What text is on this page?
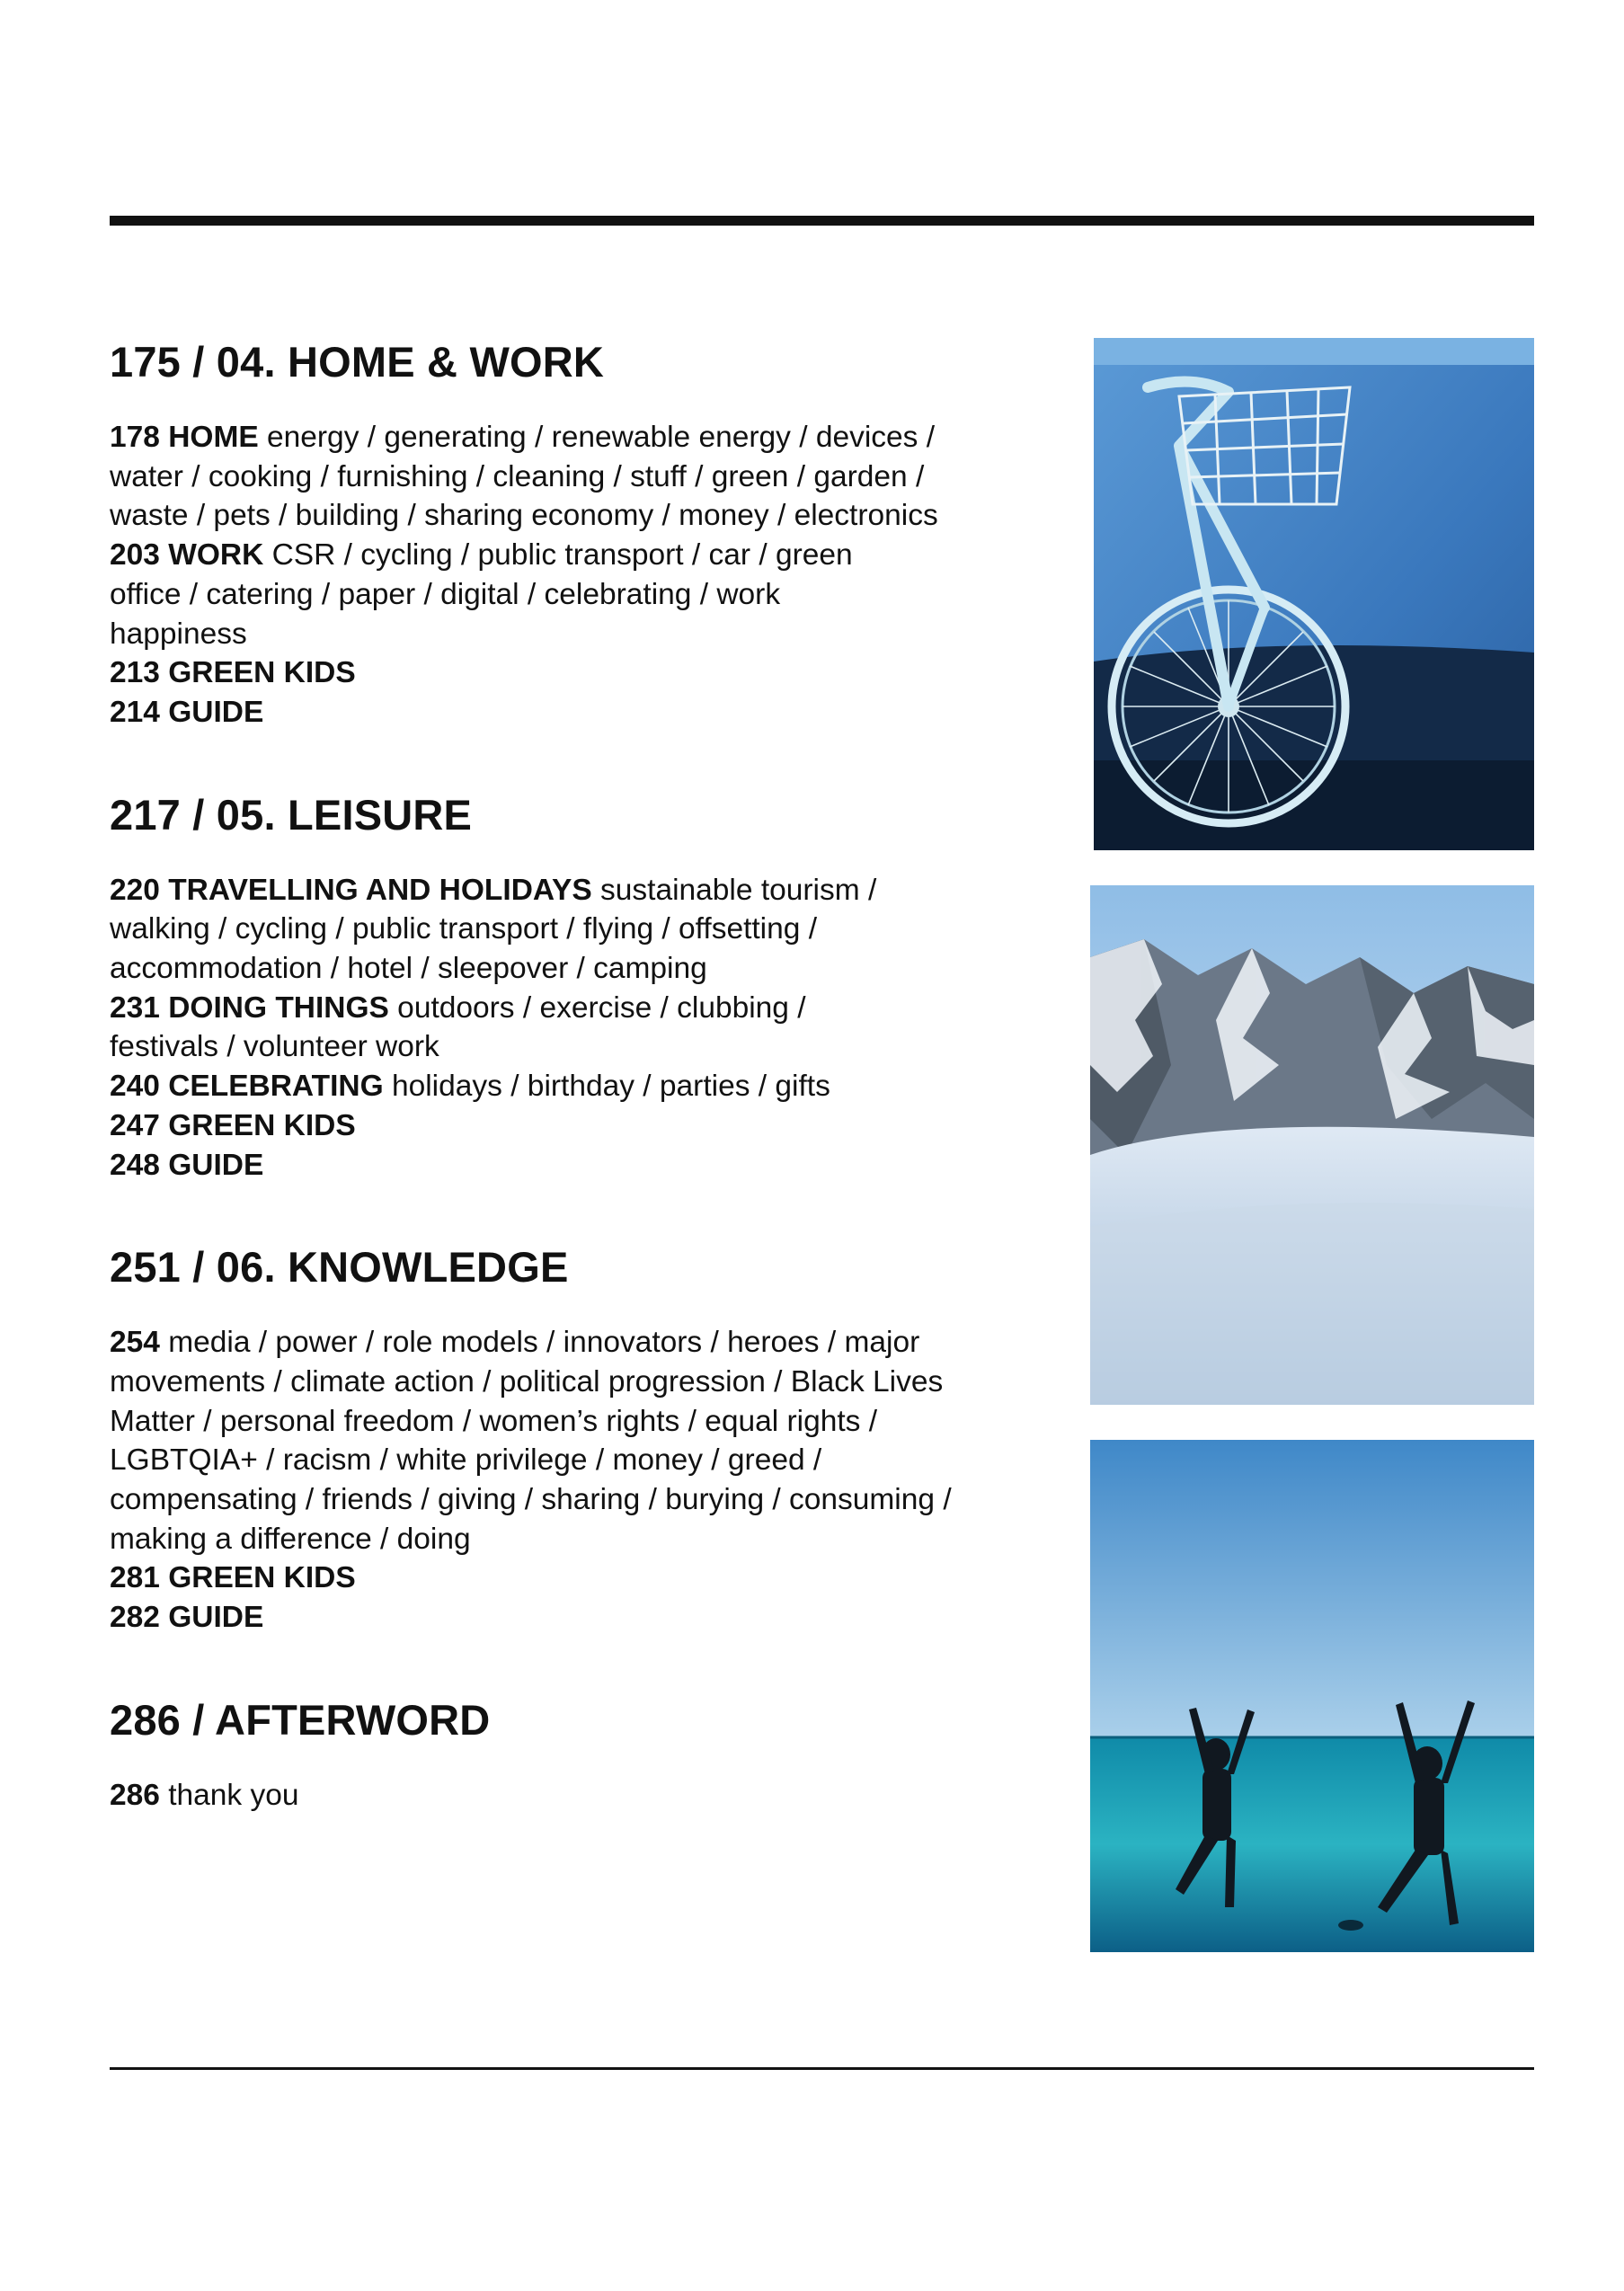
175 / 04. HOME & WORK

178 HOME energy / generating / renewable energy / devices / water / cooking / furnishing / cleaning / stuff / green / garden / waste / pets / building / sharing economy / money / electronics

203 WORK CSR / cycling / public transport / car / green office / catering / paper / digital / celebrating / work happiness

213 GREEN KIDS

214 GUIDE

217 / 05. LEISURE

220 TRAVELLING AND HOLIDAYS sustainable tourism / walking / cycling / public transport / flying / offsetting / accommodation / hotel / sleepover / camping

231 DOING THINGS outdoors / exercise / clubbing / festivals / volunteer work

240 CELEBRATING holidays / birthday / parties / gifts

247 GREEN KIDS

248 GUIDE

251 / 06. KNOWLEDGE

254 media / power / role models / innovators / heroes / major movements / climate action / political progression / Black Lives Matter / personal freedom / women’s rights / equal rights / LGBTQIA+ / racism / white privilege / money / greed / compensating / friends / giving / sharing / burying / consuming / making a difference / doing

281 GREEN KIDS

282 GUIDE

286 / AFTERWORD

286 thank you
